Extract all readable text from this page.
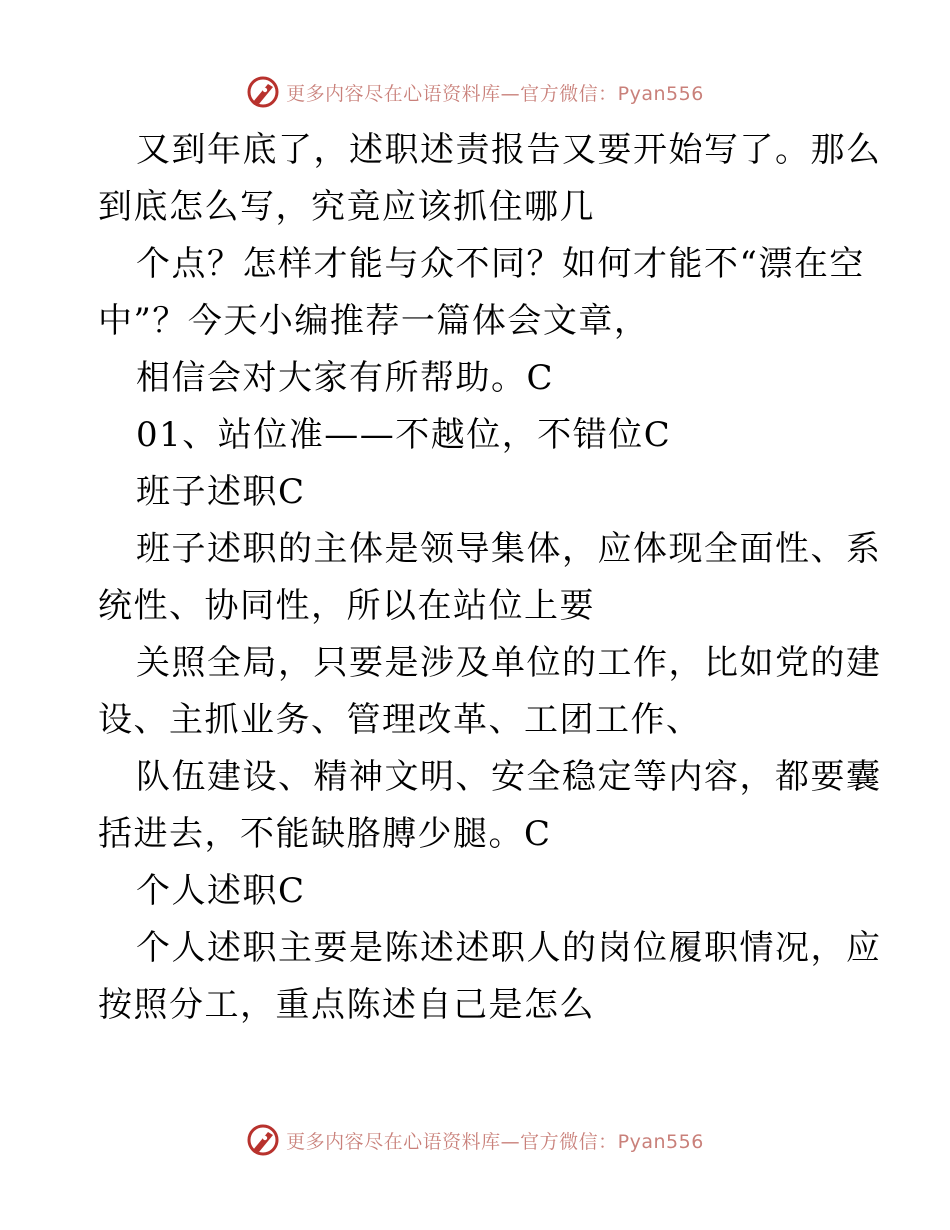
更多内容尽在心语资料库—官方微信：Pyan556
又到年底了，述职述责报告又要开始写了。那么
到底怎么写，究竟应该抓住哪几
个点？怎样才能与众不同？如何才能不“漂在空
中”？今天小编推荐一篇体会文章，
相信会对大家有所帮助。C
01、站位准——不越位，不错位C
班子述职C
班子述职的主体是领导集体，应体现全面性、系
统性、协同性，所以在站位上要
关照全局，只要是涉及单位的工作，比如党的建
设、主抓业务、管理改革、工团工作、
队伍建设、精神文明、安全稳定等内容，都要囊
括进去，不能缺胳膊少腿。C
个人述职C
个人述职主要是陈述述职人的岗位履职情况，应
按照分工，重点陈述自己是怎么
更多内容尽在心语资料库—官方微信：Pyan556
